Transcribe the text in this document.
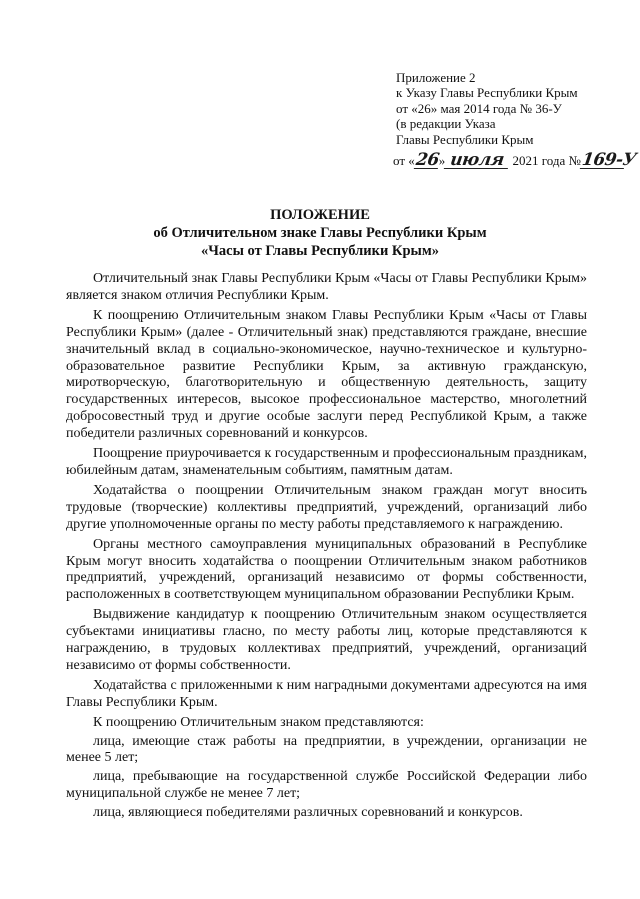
Приложение 2
к Указу Главы Республики Крым
от «26» мая 2014 года № 36-У
(в редакции Указа
Главы Республики Крым
от «26» июля 2021 года №169-У
ПОЛОЖЕНИЕ
об Отличительном знаке Главы Республики Крым
«Часы от Главы Республики Крым»

Отличительный знак Главы Республики Крым «Часы от Главы Республики Крым» является знаком отличия Республики Крым.

К поощрению Отличительным знаком Главы Республики Крым «Часы от Главы Республики Крым» (далее - Отличительный знак) представляются граждане, внесшие значительный вклад в социально-экономическое, научно-техническое и культурно-образовательное развитие Республики Крым, за активную гражданскую, миротворческую, благотворительную и общественную деятельность, защиту государственных интересов, высокое профессиональное мастерство, многолетний добросовестный труд и другие особые заслуги перед Республикой Крым, а также победители различных соревнований и конкурсов.

Поощрение приурочивается к государственным и профессиональным праздникам, юбилейным датам, знаменательным событиям, памятным датам.

Ходатайства о поощрении Отличительным знаком граждан могут вносить трудовые (творческие) коллективы предприятий, учреждений, организаций либо другие уполномоченные органы по месту работы представляемого к награждению.

Органы местного самоуправления муниципальных образований в Республике Крым могут вносить ходатайства о поощрении Отличительным знаком работников предприятий, учреждений, организаций независимо от формы собственности, расположенных в соответствующем муниципальном образовании Республики Крым.

Выдвижение кандидатур к поощрению Отличительным знаком осуществляется субъектами инициативы гласно, по месту работы лиц, которые представляются к награждению, в трудовых коллективах предприятий, учреждений, организаций независимо от формы собственности.

Ходатайства с приложенными к ним наградными документами адресуются на имя Главы Республики Крым.

К поощрению Отличительным знаком представляются:

лица, имеющие стаж работы на предприятии, в учреждении, организации не менее 5 лет;

лица, пребывающие на государственной службе Российской Федерации либо муниципальной службе не менее 7 лет;

лица, являющиеся победителями различных соревнований и конкурсов.
